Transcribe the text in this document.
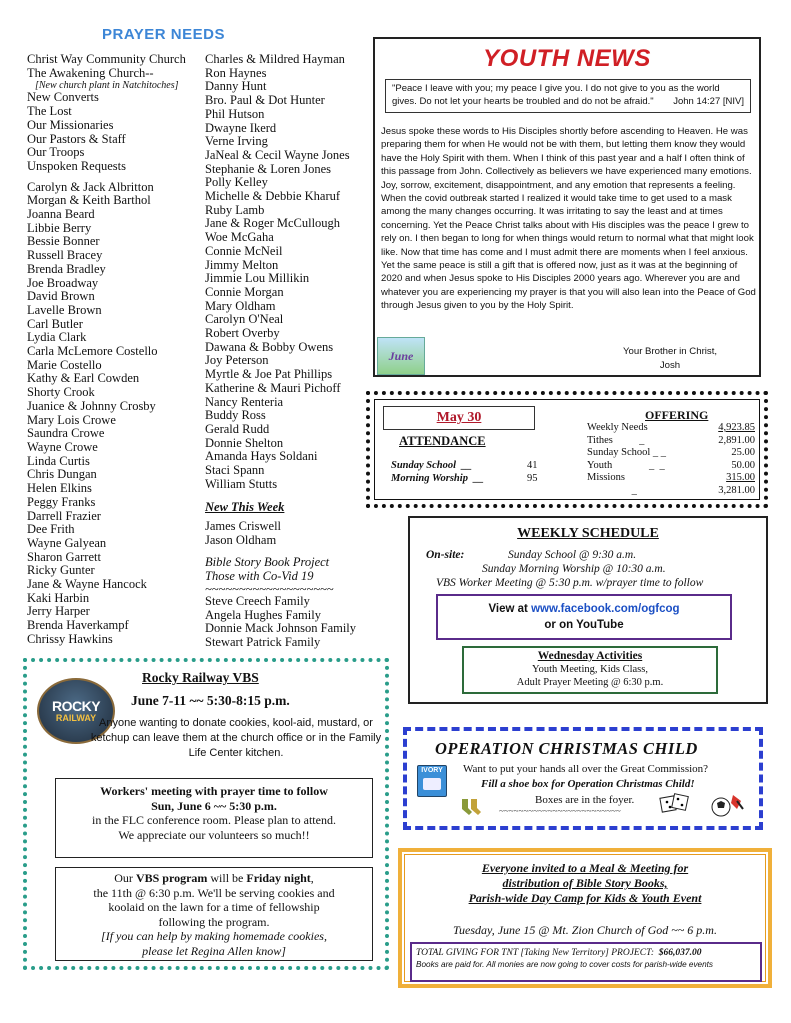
PRAYER NEEDS
Christ Way Community Church
The Awakening Church--
[New church plant in Natchitoches]
New Converts
The Lost
Our Missionaries
Our Pastors & Staff
Our Troops
Unspoken Requests
Carolyn & Jack Albritton
Morgan & Keith Barthol
Joanna Beard
Libbie Berry
Bessie Bonner
Russell Bracey
Brenda Bradley
Joe Broadway
David Brown
Lavelle Brown
Carl Butler
Lydia Clark
Carla McLemore Costello
Marie Costello
Kathy & Earl Cowden
Shorty Crook
Juanice & Johnny Crosby
Mary Lois Crowe
Saundra Crowe
Wayne Crowe
Linda Curtis
Chris Dungan
Helen Elkins
Peggy Franks
Darrell Frazier
Dee Frith
Wayne Galyean
Sharon Garrett
Ricky Gunter
Jane & Wayne Hancock
Kaki Harbin
Jerry Harper
Brenda Haverkampf
Chrissy Hawkins
Charles & Mildred Hayman
Ron Haynes
Danny Hunt
Bro. Paul & Dot Hunter
Phil Hutson
Dwayne Ikerd
Verne Irving
JaNeal & Cecil Wayne Jones
Stephanie & Loren Jones
Polly Kelley
Michelle & Debbie Kharuf
Ruby Lamb
Jane & Roger McCullough
Woe McGaha
Connie McNeil
Jimmy Melton
Jimmie Lou Millikin
Connie Morgan
Mary Oldham
Carolyn O'Neal
Robert Overby
Dawana & Bobby Owens
Joy Peterson
Myrtle & Joe Pat Phillips
Katherine & Mauri Pichoff
Nancy Renteria
Buddy Ross
Gerald Rudd
Donnie Shelton
Amanda Hays Soldani
Staci Spann
William Stutts
New This Week
James Criswell
Jason Oldham
Bible Story Book Project
Those with Co-Vid 19
~~~~~~~~~~~~~~~~~~~
Steve Creech Family
Angela Hughes Family
Donnie Mack Johnson Family
Stewart Patrick Family
YOUTH NEWS
"Peace I leave with you; my peace I give you. I do not give to you as the world gives. Do not let your hearts be troubled and do not be afraid." John 14:27 [NIV]
Jesus spoke these words to His Disciples shortly before ascending to Heaven. He was preparing them for when He would not be with them, but letting them know they would have the Holy Spirit with them. When I think of this past year and a half I often think of this passage from John. Collectively as believers we have experienced many emotions. Joy, sorrow, excitement, disappointment, and any emotion that represents a feeling. When the covid outbreak started I realized it would take time to get used to a mask among the many changes occurring. It was irritating to say the least and at times concerning. Yet the Peace Christ talks about with His disciples was the peace I grew to rely on. I then began to long for when things would return to normal what that might look like. Now that time has come and I must admit there are moments when I feel anxious. Yet the same peace is still a gift that is offered now, just as it was at the beginning of 2020 and when Jesus spoke to His Disciples 2000 years ago. Wherever you are and whatever you are experiencing my prayer is that you will also lean into the Peace of God through Jesus given to you by the Holy Spirit.
June	Your Brother in Christ,
Josh
May 30
ATTENDANCE
Sunday School __	41
Morning Worship __	95
OFFERING
Weekly Needs	4,923.85
Tithes          _	2,891.00
Sunday School _ _	25.00
Youth              _  _	50.00
Missions	315.00
_	3,281.00
WEEKLY SCHEDULE
On-site:	Sunday School @ 9:30 a.m.
Sunday Morning Worship @ 10:30 a.m.
VBS Worker Meeting @ 5:30 p.m. w/prayer time to follow
View at www.facebook.com/ogfcog
or on YouTube
Wednesday Activities
Youth Meeting, Kids Class,
Adult Prayer Meeting @ 6:30 p.m.
ROCKY
RAILWAY
Rocky Railway VBS
June 7-11 ~~ 5:30-8:15 p.m.
Anyone wanting to donate cookies, kool-aid, mustard, or ketchup can leave them at the church office or in the Family Life Center kitchen.
Workers' meeting with prayer time to follow
Sun, June 6 ~~ 5:30 p.m.
in the FLC conference room. Please plan to attend.
We appreciate our volunteers so much!!
Our VBS program will be Friday night,
the 11th @ 6:30 p.m. We'll be serving cookies and
koolaid on the lawn for a time of fellowship
following the program.
[If you can help by making homemade cookies,
please let Regina Allen know]
OPERATION CHRISTMAS CHILD
IVORY	Want to put your hands all over the Great Commission?
Fill a shoe box for Operation Christmas Child!
Boxes are in the foyer.
~~~~~~~~~~~~~~~~~~~~~~~~~
Everyone invited to a Meal & Meeting for
distribution of Bible Story Books,
Parish-wide Day Camp for Kids & Youth Event
Tuesday, June 15 @ Mt. Zion Church of God ~~ 6 p.m.
TOTAL GIVING FOR TNT [Taking New Territory] PROJECT: $66,037.00
Books are paid for. All monies are now going to cover costs for parish-wide events
